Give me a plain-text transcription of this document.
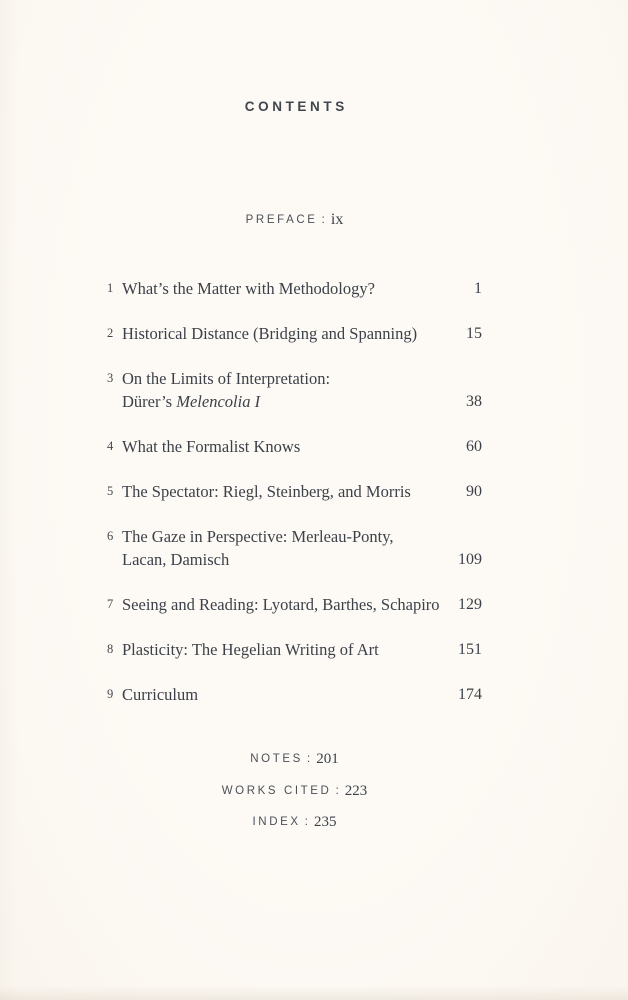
CONTENTS
PREFACE : ix
1 What’s the Matter with Methodology?	1
2 Historical Distance (Bridging and Spanning)	15
3 On the Limits of Interpretation:
Dürer’s Melencolia I	38
4 What the Formalist Knows	60
5 The Spectator: Riegl, Steinberg, and Morris	90
6 The Gaze in Perspective: Merleau-Ponty,
Lacan, Damisch	109
7 Seeing and Reading: Lyotard, Barthes, Schapiro 129
8 Plasticity: The Hegelian Writing of Art	151
9 Curriculum	174
NOTES : 201
WORKS CITED : 223
INDEX : 235
